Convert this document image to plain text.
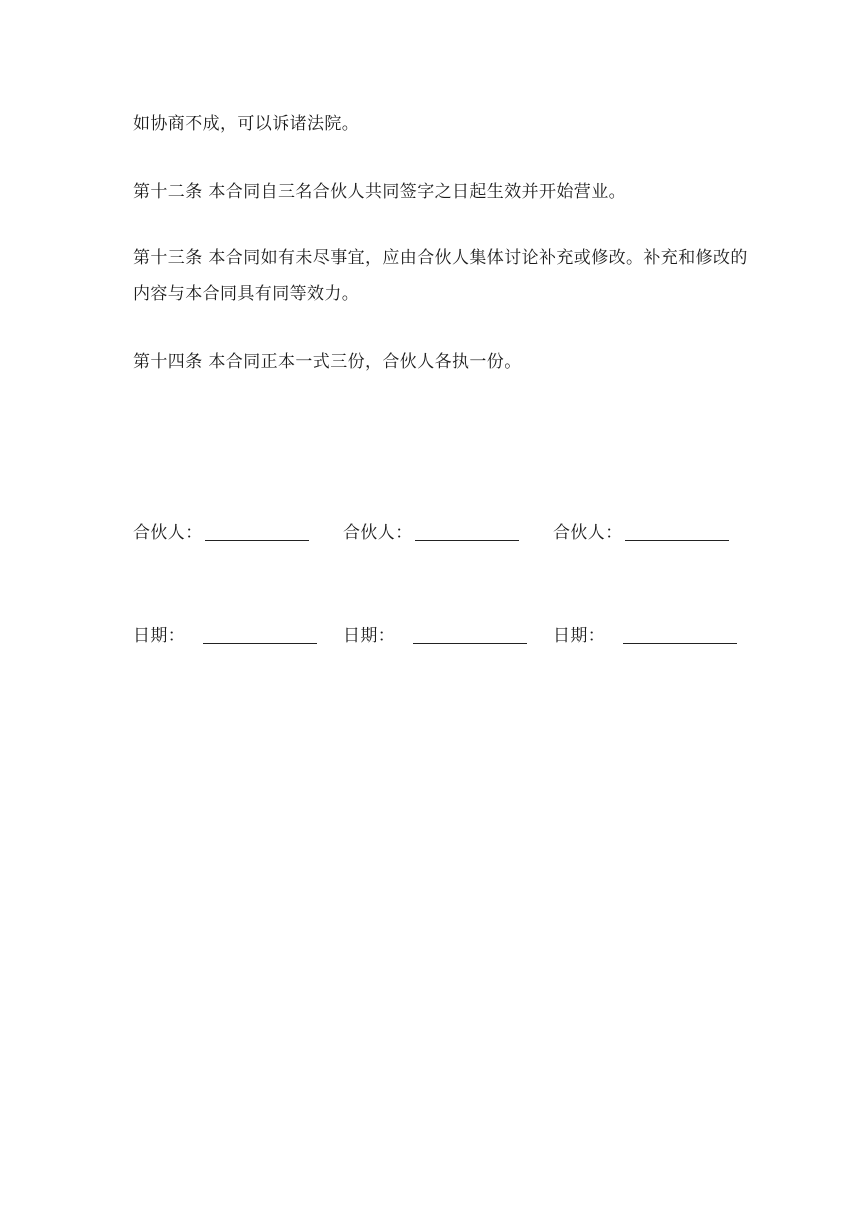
如协商不成，可以诉诸法院。

第十二条 本合同自三名合伙人共同签字之日起生效并开始营业。

第十三条 本合同如有未尽事宜，应由合伙人集体讨论补充或修改。补充和修改的内容与本合同具有同等效力。

第十四条 本合同正本一式三份，合伙人各执一份。

合伙人：	合伙人：	合伙人：
日期：	日期：	日期：
